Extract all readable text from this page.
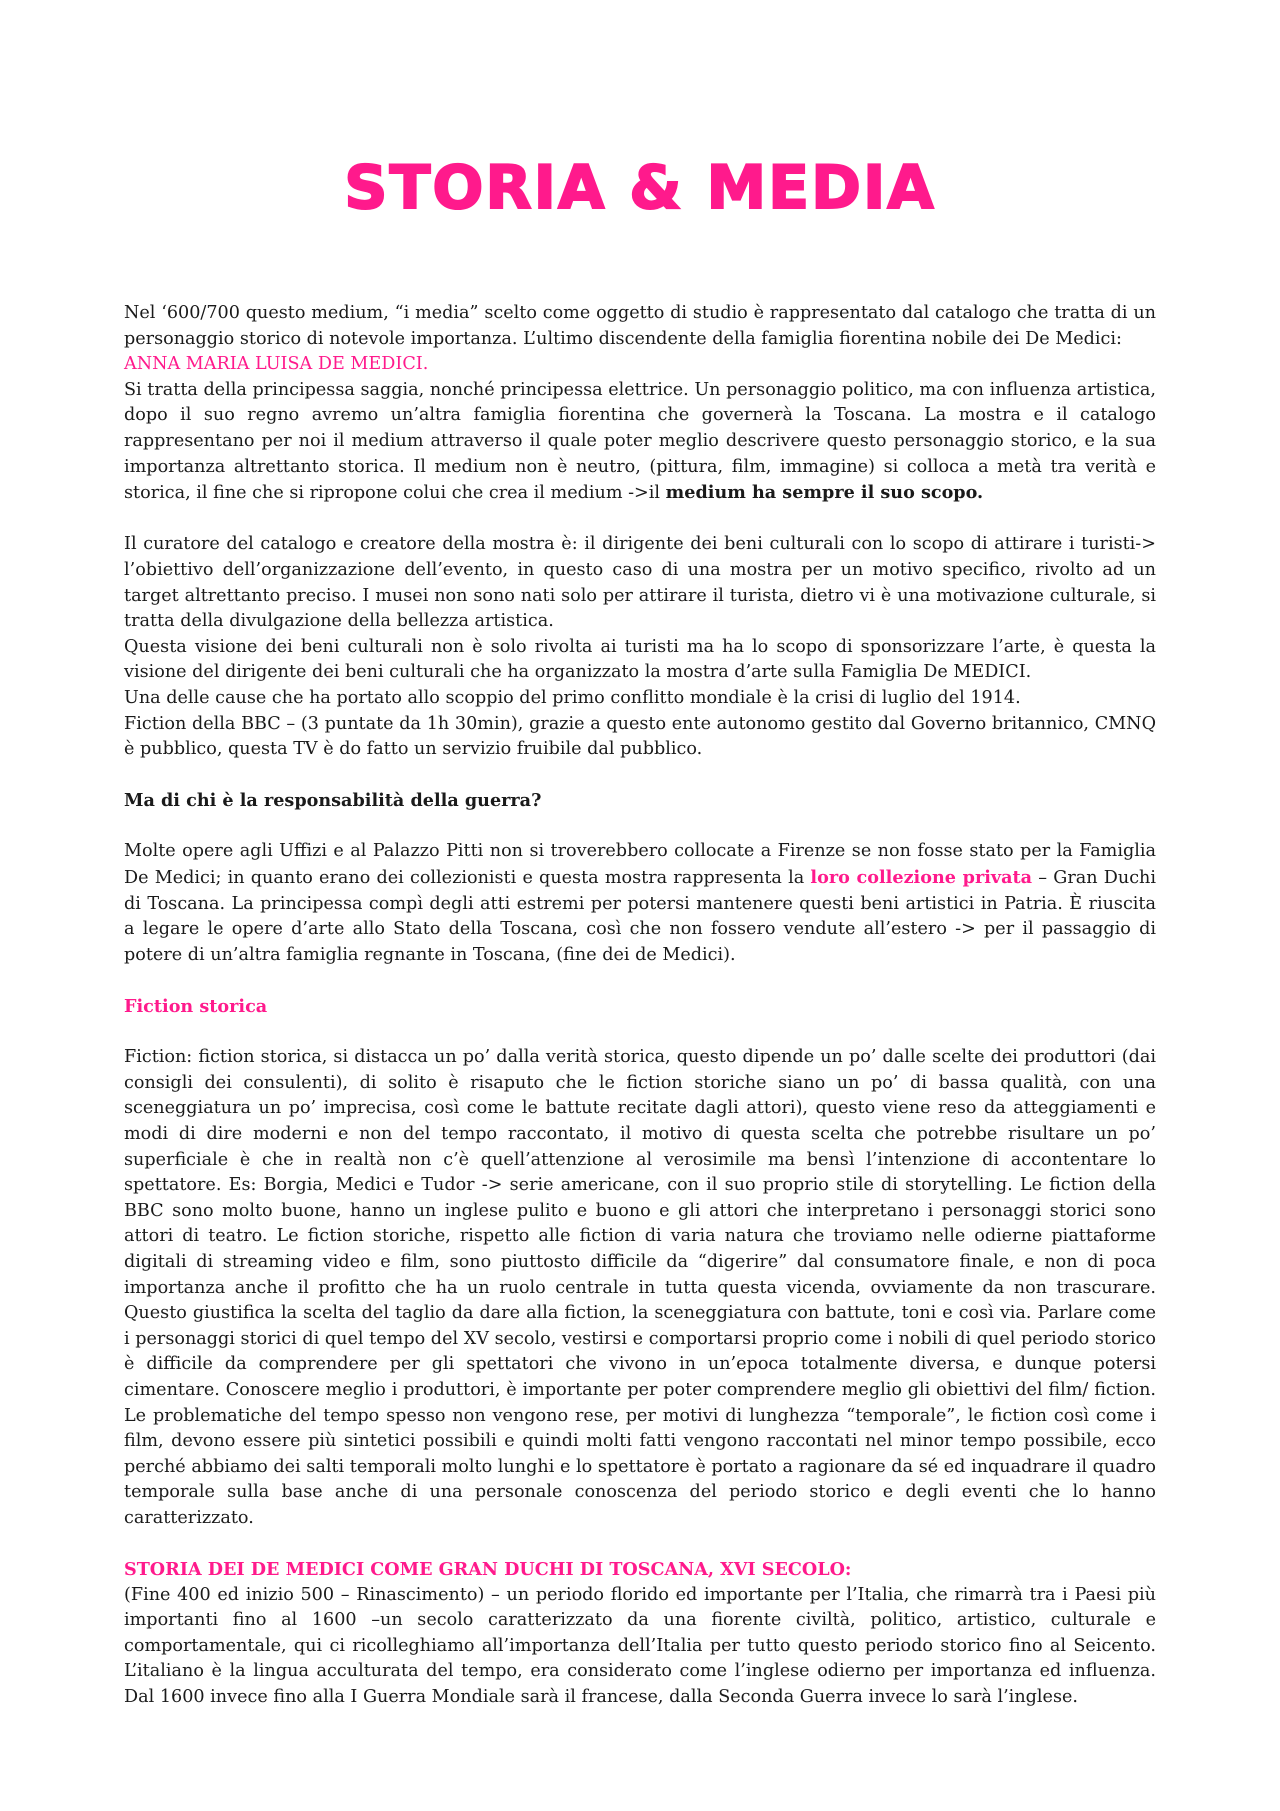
STORIA & MEDIA

Nel ‘600/700 questo medium, “i media” scelto come oggetto di studio è rappresentato dal catalogo che tratta di un personaggio storico di notevole importanza. L’ultimo discendente della famiglia fiorentina nobile dei De Medici:
ANNA MARIA LUISA DE MEDICI.

Si tratta della principessa saggia, nonché principessa elettrice. Un personaggio politico, ma con influenza artistica, dopo il suo regno avremo un’altra famiglia fiorentina che governerà la Toscana. La mostra e il catalogo rappresentano per noi il medium attraverso il quale poter meglio descrivere questo personaggio storico, e la sua importanza altrettanto storica. Il medium non è neutro, (pittura, film, immagine) si colloca a metà tra verità e storica, il fine che si ripropone colui che crea il medium ->il medium ha sempre il suo scopo.

Il curatore del catalogo e creatore della mostra è: il dirigente dei beni culturali con lo scopo di attirare i turisti-> l’obiettivo dell’organizzazione dell’evento, in questo caso di una mostra per un motivo specifico, rivolto ad un target altrettanto preciso. I musei non sono nati solo per attirare il turista, dietro vi è una motivazione culturale, si tratta della divulgazione della bellezza artistica.

Questa visione dei beni culturali non è solo rivolta ai turisti ma ha lo scopo di sponsorizzare l’arte, è questa la visione del dirigente dei beni culturali che ha organizzato la mostra d’arte sulla Famiglia De MEDICI.

Una delle cause che ha portato allo scoppio del primo conflitto mondiale è la crisi di luglio del 1914.

Fiction della BBC – (3 puntate da 1h 30min), grazie a questo ente autonomo gestito dal Governo britannico, CMNQ è pubblico, questa TV è do fatto un servizio fruibile dal pubblico.

Ma di chi è la responsabilità della guerra?

Molte opere agli Uffizi e al Palazzo Pitti non si troverebbero collocate a Firenze se non fosse stato per la Famiglia De Medici; in quanto erano dei collezionisti e questa mostra rappresenta la loro collezione privata – Gran Duchi di Toscana. La principessa compì degli atti estremi per potersi mantenere questi beni artistici in Patria. È riuscita a legare le opere d’arte allo Stato della Toscana, così che non fossero vendute all’estero -> per il passaggio di potere di un’altra famiglia regnante in Toscana, (fine dei de Medici).

Fiction storica

Fiction: fiction storica, si distacca un po’ dalla verità storica, questo dipende un po’ dalle scelte dei produttori (dai consigli dei consulenti), di solito è risaputo che le fiction storiche siano un po’ di bassa qualità, con una sceneggiatura un po’ imprecisa, così come le battute recitate dagli attori), questo viene reso da atteggiamenti e modi di dire moderni e non del tempo raccontato, il motivo di questa scelta che potrebbe risultare un po’ superficiale è che in realtà non c’è quell’attenzione al verosimile ma bensì l’intenzione di accontentare lo spettatore. Es: Borgia, Medici e Tudor -> serie americane, con il suo proprio stile di storytelling. Le fiction della BBC sono molto buone, hanno un inglese pulito e buono e gli attori che interpretano i personaggi storici sono attori di teatro. Le fiction storiche, rispetto alle fiction di varia natura che troviamo nelle odierne piattaforme digitali di streaming video e film, sono piuttosto difficile da “digerire” dal consumatore finale, e non di poca importanza anche il profitto che ha un ruolo centrale in tutta questa vicenda, ovviamente da non trascurare. Questo giustifica la scelta del taglio da dare alla fiction, la sceneggiatura con battute, toni e così via. Parlare come i personaggi storici di quel tempo del XV secolo, vestirsi e comportarsi proprio come i nobili di quel periodo storico è difficile da comprendere per gli spettatori che vivono in un’epoca totalmente diversa, e dunque potersi cimentare. Conoscere meglio i produttori, è importante per poter comprendere meglio gli obiettivi del film/ fiction. Le problematiche del tempo spesso non vengono rese, per motivi di lunghezza “temporale”, le fiction così come i film, devono essere più sintetici possibili e quindi molti fatti vengono raccontati nel minor tempo possibile, ecco perché abbiamo dei salti temporali molto lunghi e lo spettatore è portato a ragionare da sé ed inquadrare il quadro temporale sulla base anche di una personale conoscenza del periodo storico e degli eventi che lo hanno caratterizzato.

STORIA DEI DE MEDICI COME GRAN DUCHI DI TOSCANA, XVI SECOLO:

(Fine 400 ed inizio 500 – Rinascimento) – un periodo florido ed importante per l’Italia, che rimarrà tra i Paesi più importanti fino al 1600 –un secolo caratterizzato da una fiorente civiltà, politico, artistico, culturale e comportamentale, qui ci ricolleghiamo all’importanza dell’Italia per tutto questo periodo storico fino al Seicento. L’italiano è la lingua acculturata del tempo, era considerato come l’inglese odierno per importanza ed influenza. Dal 1600 invece fino alla I Guerra Mondiale sarà il francese, dalla Seconda Guerra invece lo sarà l’inglese.
